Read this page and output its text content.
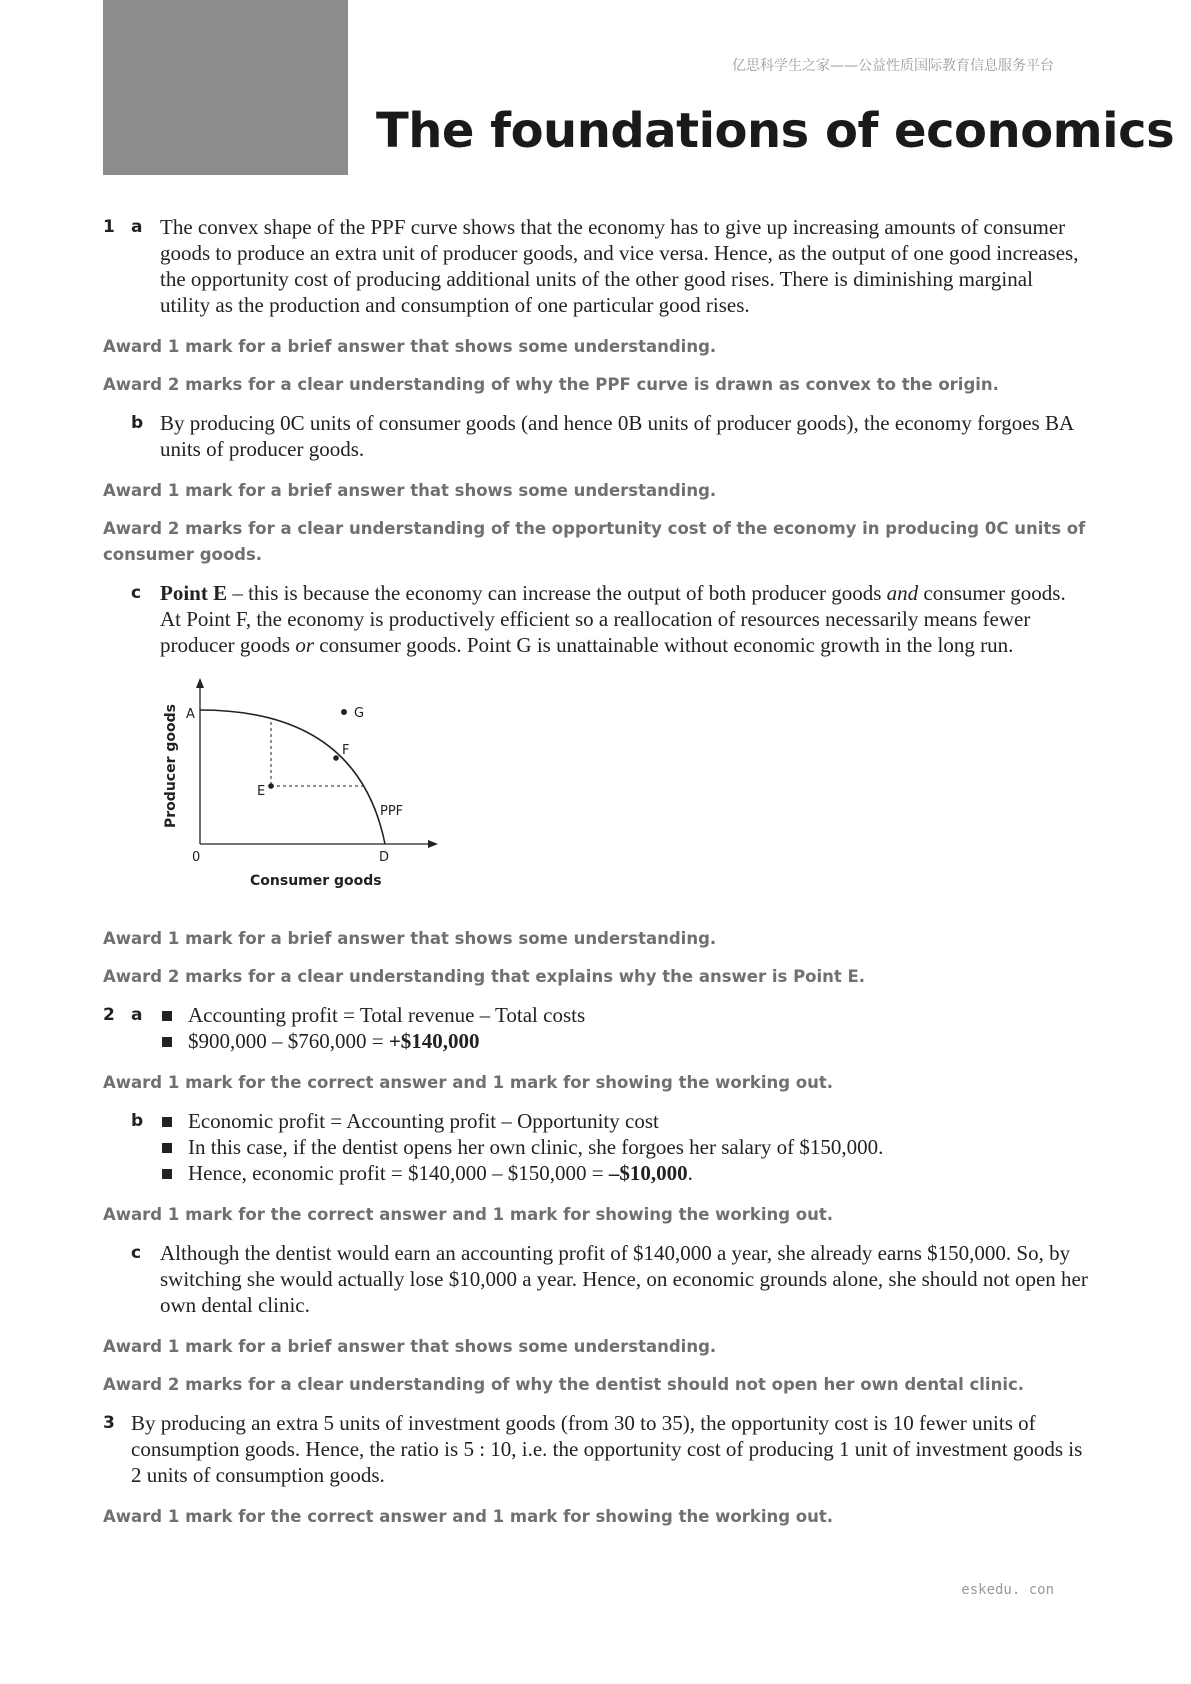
亿思科学生之家——公益性质国际教育信息服务平台
The foundations of economics
1 a The convex shape of the PPF curve shows that the economy has to give up increasing amounts of consumer goods to produce an extra unit of producer goods, and vice versa. Hence, as the output of one good increases, the opportunity cost of producing additional units of the other good rises. There is diminishing marginal utility as the production and consumption of one particular good rises.

Award 1 mark for a brief answer that shows some understanding.

Award 2 marks for a clear understanding of why the PPF curve is drawn as convex to the origin.

b By producing 0C units of consumer goods (and hence 0B units of producer goods), the economy forgoes BA units of producer goods.

Award 1 mark for a brief answer that shows some understanding.

Award 2 marks for a clear understanding of the opportunity cost of the economy in producing 0C units of consumer goods.

c Point E – this is because the economy can increase the output of both producer goods and consumer goods. At Point F, the economy is productively efficient so a reallocation of resources necessarily means fewer producer goods or consumer goods. Point G is unattainable without economic growth in the long run.
A	G
F
E
PPF
0	D
Consumer goods
Producer goods

Award 1 mark for a brief answer that shows some understanding.

Award 2 marks for a clear understanding that explains why the answer is Point E.

2 a	Accounting profit = Total revenue – Total costs
$900,000 – $760,000 = +$140,000

Award 1 mark for the correct answer and 1 mark for showing the working out.

b	Economic profit = Accounting profit – Opportunity cost
In this case, if the dentist opens her own clinic, she forgoes her salary of $150,000.
Hence, economic profit = $140,000 – $150,000 = –$10,000.

Award 1 mark for the correct answer and 1 mark for showing the working out.

c Although the dentist would earn an accounting profit of $140,000 a year, she already earns $150,000. So, by switching she would actually lose $10,000 a year. Hence, on economic grounds alone, she should not open her own dental clinic.

Award 1 mark for a brief answer that shows some understanding.

Award 2 marks for a clear understanding of why the dentist should not open her own dental clinic.

3 By producing an extra 5 units of investment goods (from 30 to 35), the opportunity cost is 10 fewer units of consumption goods. Hence, the ratio is 5 : 10, i.e. the opportunity cost of producing 1 unit of investment goods is 2 units of consumption goods.

Award 1 mark for the correct answer and 1 mark for showing the working out.

eskedu. con
